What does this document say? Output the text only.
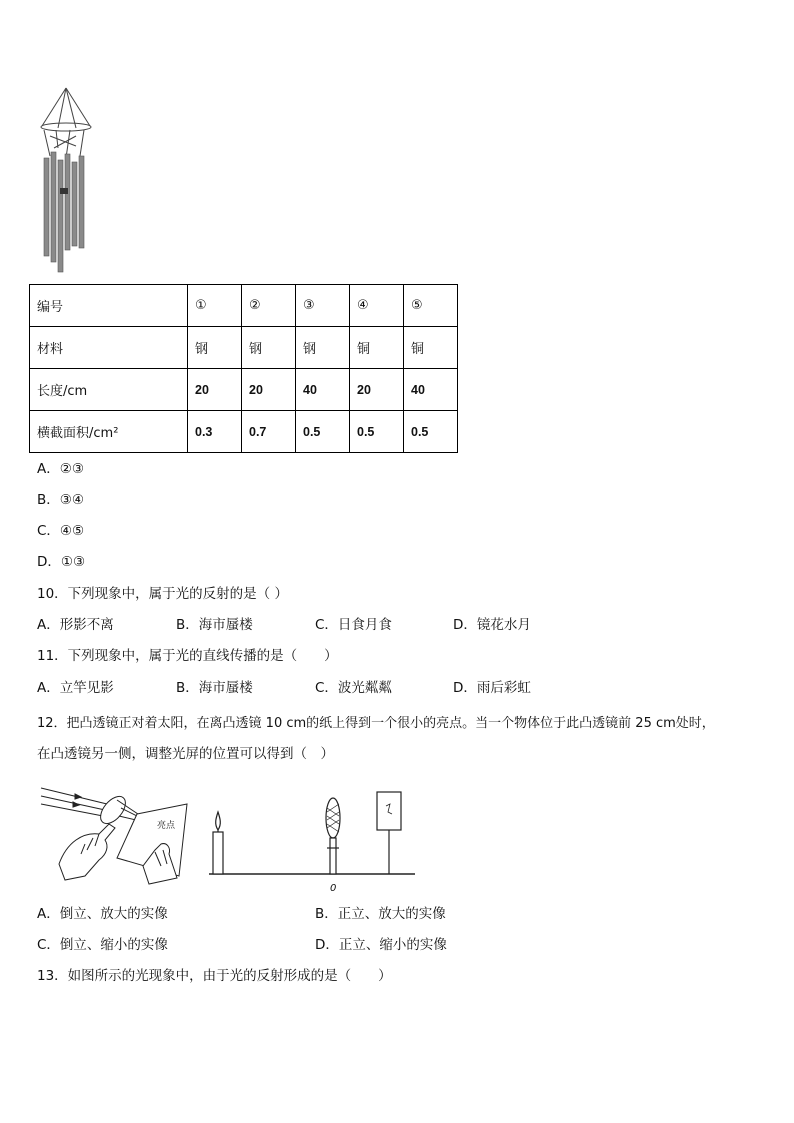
编号	①	②	③	④	⑤
材料	钢	钢	钢	铜	铜
长度/cm	20	20	40	20	40
横截面积/cm²	0.3	0.7	0.5	0.5	0.5
A．②③
B．③④
C．④⑤
D．①③
10．下列现象中，属于光的反射的是（ ）
A．形影不离	B．海市蜃楼	C．日食月食	D．镜花水月
11．下列现象中，属于光的直线传播的是（　　）
A．立竿见影	B．海市蜃楼	C．波光粼粼	D．雨后彩虹
12．把凸透镜正对着太阳，在离凸透镜 10 cm的纸上得到一个很小的亮点。当一个物体位于此凸透镜前 25 cm处时，
在凸透镜另一侧，调整光屏的位置可以得到（　）
亮点
0
A．倒立、放大的实像	B．正立、放大的实像
C．倒立、缩小的实像	D．正立、缩小的实像
13．如图所示的光现象中，由于光的反射形成的是（　　）
